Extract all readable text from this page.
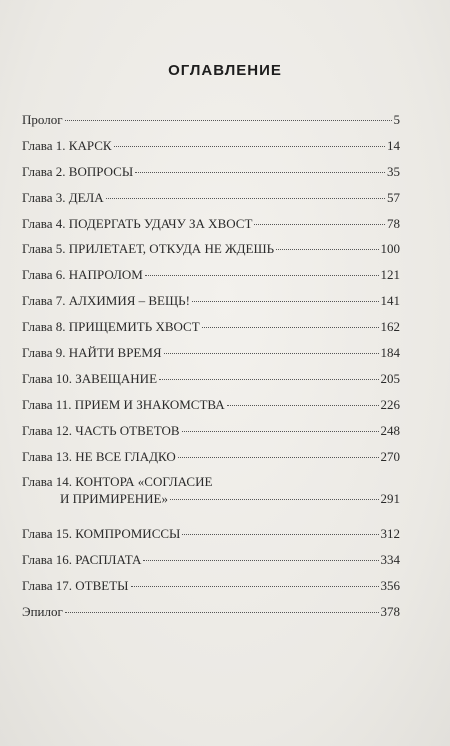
ОГЛАВЛЕНИЕ
Пролог	5
Глава 1. КАРСК	14
Глава 2. ВОПРОСЫ	35
Глава 3. ДЕЛА	57
Глава 4. ПОДЕРГАТЬ УДАЧУ ЗА ХВОСТ	78
Глава 5. ПРИЛЕТАЕТ, ОТКУДА НЕ ЖДЕШЬ	100
Глава 6. НАПРОЛОМ	121
Глава 7. АЛХИМИЯ – ВЕЩЬ!	141
Глава 8. ПРИЩЕМИТЬ ХВОСТ	162
Глава 9. НАЙТИ ВРЕМЯ	184
Глава 10. ЗАВЕЩАНИЕ	205
Глава 11. ПРИЕМ И ЗНАКОМСТВА	226
Глава 12. ЧАСТЬ ОТВЕТОВ	248
Глава 13. НЕ ВСЕ ГЛАДКО	270
Глава 14. КОНТОРА «СОГЛАСИЕ
И ПРИМИРЕНИЕ»	291
Глава 15. КОМПРОМИССЫ	312
Глава 16. РАСПЛАТА	334
Глава 17. ОТВЕТЫ	356
Эпилог	378
